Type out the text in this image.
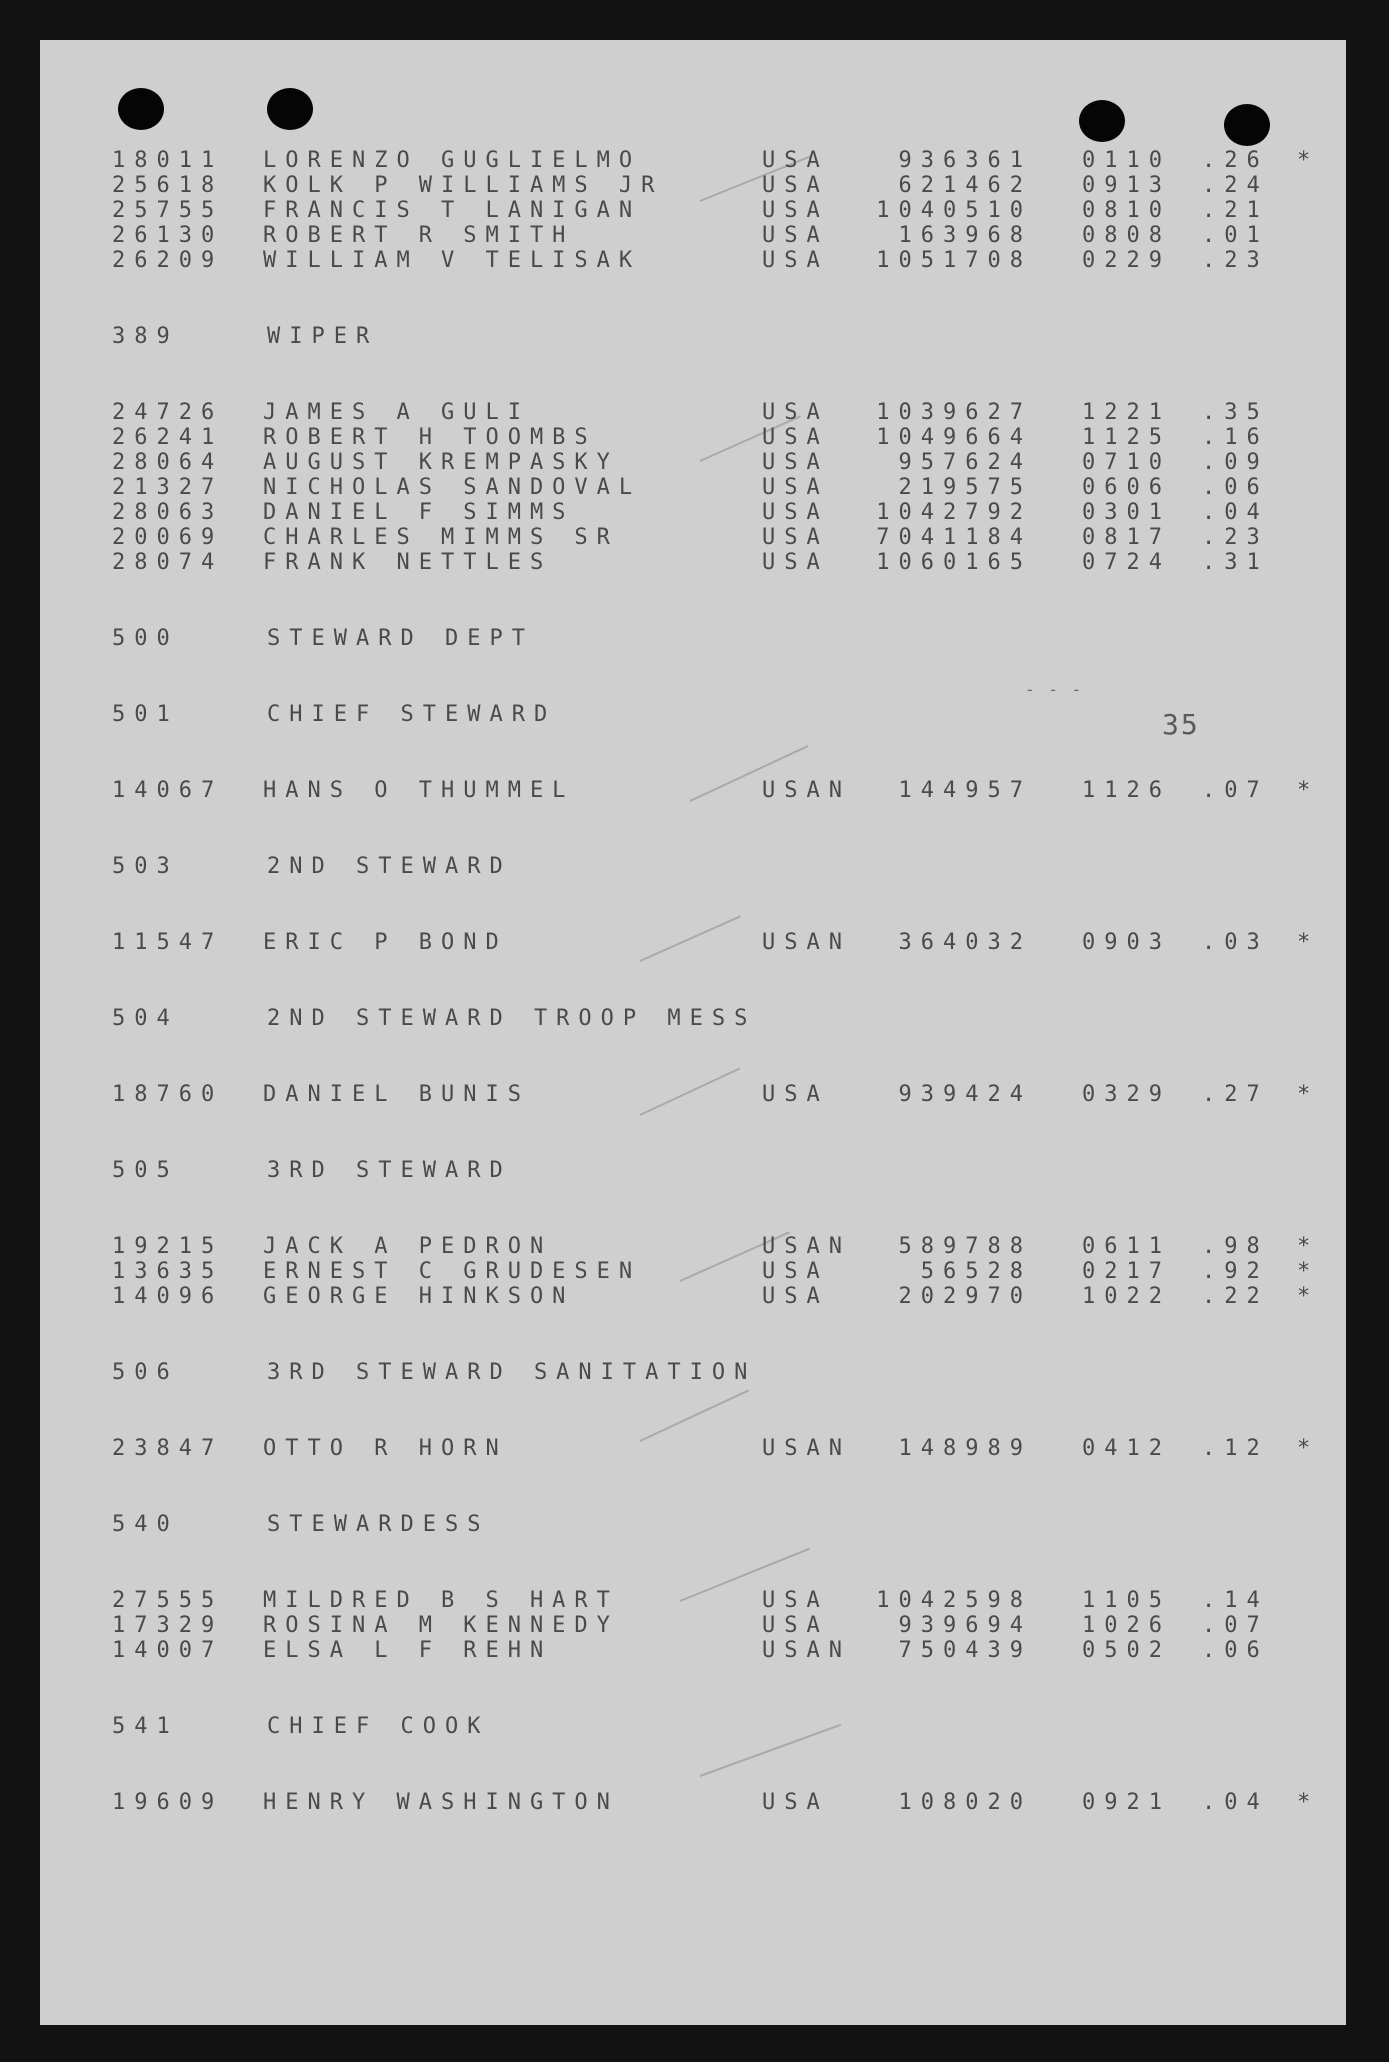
- - -
35
18011 LORENZO GUGLIELMO	USA	936361 0110 .26 *
25618 KOLK P WILLIAMS JR	USA	621462 0913 .24
25755 FRANCIS T LANIGAN	USA 1040510 0810 .21
26130 ROBERT R SMITH	USA	163968 0808 .01
26209 WILLIAM V TELISAK	USA 1051708 0229 .23
389	WIPER
24726 JAMES A GULI	USA 1039627 1221 .35
26241 ROBERT H TOOMBS	USA 1049664 1125 .16
28064 AUGUST KREMPASKY	USA	957624 0710 .09
21327 NICHOLAS SANDOVAL	USA	219575 0606 .06
28063 DANIEL F SIMMS	USA 1042792 0301 .04
20069 CHARLES MIMMS SR	USA 7041184 0817 .23
28074 FRANK NETTLES	USA 1060165 0724 .31
500	STEWARD DEPT
501	CHIEF STEWARD
14067 HANS O THUMMEL	USAN	144957 1126 .07 *
503	2ND STEWARD
11547 ERIC P BOND	USAN	364032 0903 .03 *
504	2ND STEWARD TROOP MESS
18760 DANIEL BUNIS	USA	939424 0329 .27 *
505	3RD STEWARD
19215 JACK A PEDRON	USAN	589788 0611 .98 *
13635 ERNEST C GRUDESEN	USA	56528 0217 .92 *
14096 GEORGE HINKSON	USA	202970 1022 .22 *
506	3RD STEWARD SANITATION
23847 OTTO R HORN	USAN	148989 0412 .12 *
540	STEWARDESS
27555 MILDRED B S HART	USA 1042598 1105 .14
17329 ROSINA M KENNEDY	USA	939694 1026 .07
14007 ELSA L F REHN	USAN	750439 0502 .06
541	CHIEF COOK
19609 HENRY WASHINGTON	USA	108020 0921 .04 *
